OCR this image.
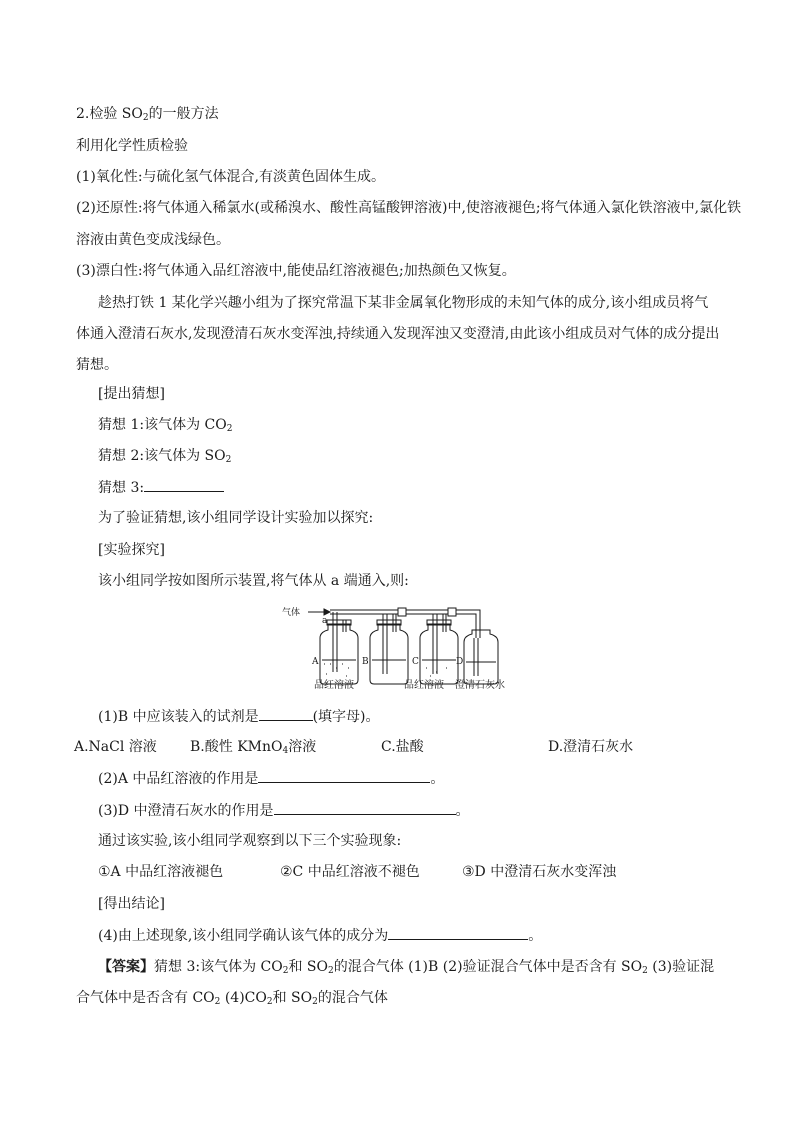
2.检验 $SO_2$的一般方法
利用化学性质检验
(1)氧化性:与硫化氢气体混合,有淡黄色固体生成。
(2)还原性:将气体通入稀氯水(或稀溴水、酸性高锰酸钾溶液)中,使溶液褪色;将气体通入氯化铁溶液中,氯化铁
溶液由黄色变成浅绿色。
(3)漂白性:将气体通入品红溶液中,能使品红溶液褪色;加热颜色又恢复。
趁热打铁 1 某化学兴趣小组为了探究常温下某非金属氧化物形成的未知气体的成分,该小组成员将气
体通入澄清石灰水,发现澄清石灰水变浑浊,持续通入发现浑浊又变澄清,由此该小组成员对气体的成分提出
猜想。
[提出猜想]
猜想 1:该气体为 $CO_2$
猜想 2:该气体为 $SO_2$
猜想 3:
为了验证猜想,该小组同学设计实验加以探究:
[实验探究]
该小组同学按如图所示装置,将气体从 a 端通入,则:
气体
a
A	B	C	D
品红溶液	品红溶液 澄清石灰水
(1)B 中应该装入的试剂是	(填字母)。
A.NaCl 溶液 B.酸性 KMnO$_4$溶液	C.盐酸	D.澄清石灰水
(2)A 中品红溶液的作用是	。
(3)D 中澄清石灰水的作用是	。
通过该实验,该小组同学观察到以下三个实验现象:
①A 中品红溶液褪色	②C 中品红溶液不褪色	③D 中澄清石灰水变浑浊
[得出结论]
(4)由上述现象,该小组同学确认该气体的成分为	。
【答案】猜想 3:该气体为 $CO_2$和 $SO_2$的混合气体 (1)B (2)验证混合气体中是否含有 $SO_2$ (3)验证混
合气体中是否含有 $CO_2$ $(4)CO_2$和 $SO_2$的混合气体
